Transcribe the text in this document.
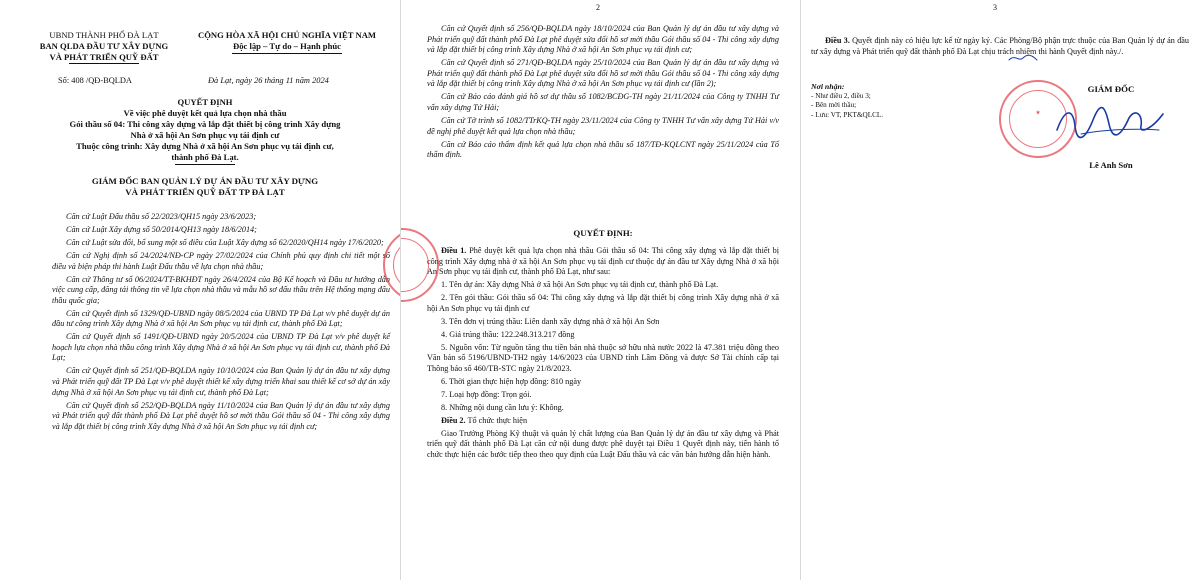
UBND THÀNH PHỐ ĐÀ LẠT
BAN QLDA ĐẦU TƯ XÂY DỰNG
VÀ PHÁT TRIỂN QUỸ ĐẤT
Số: 408 /QĐ-BQLDA
CỘNG HÒA XÃ HỘI CHỦ NGHĨA VIỆT NAM
Độc lập – Tự do – Hạnh phúc
Đà Lạt, ngày 26 tháng 11 năm 2024
QUYẾT ĐỊNH
Về việc phê duyệt kết quả lựa chọn nhà thầu
Gói thầu số 04: Thi công xây dựng và lắp đặt thiết bị công trình Xây dựng
Nhà ở xã hội An Sơn phục vụ tái định cư
Thuộc công trình: Xây dựng Nhà ở xã hội An Sơn phục vụ tái định cư,
thành phố Đà Lạt.
GIÁM ĐỐC BAN QUẢN LÝ DỰ ÁN ĐẦU TƯ XÂY DỰNG
VÀ PHÁT TRIỂN QUỸ ĐẤT TP ĐÀ LẠT

Căn cứ Luật Đấu thầu số 22/2023/QH15 ngày 23/6/2023;

Căn cứ Luật Xây dựng số 50/2014/QH13 ngày 18/6/2014;

Căn cứ Luật sửa đổi, bổ sung một số điều của Luật Xây dựng số 62/2020/QH14 ngày 17/6/2020;

Căn cứ Nghị định số 24/2024/NĐ-CP ngày 27/02/2024 của Chính phủ quy định chi tiết một số điều và biện pháp thi hành Luật Đấu thầu về lựa chọn nhà thầu;

Căn cứ Thông tư số 06/2024/TT-BKHĐT ngày 26/4/2024 của Bộ Kế hoạch và Đầu tư hướng dẫn việc cung cấp, đăng tải thông tin về lựa chọn nhà thầu và mẫu hồ sơ đấu thầu trên Hệ thống mạng đấu thầu quốc gia;

Căn cứ Quyết định số 1329/QĐ-UBND ngày 08/5/2024 của UBND TP Đà Lạt v/v phê duyệt dự án đầu tư công trình Xây dựng Nhà ở xã hội An Sơn phục vụ tái định cư, thành phố Đà Lạt;

Căn cứ Quyết định số 1491/QĐ-UBND ngày 20/5/2024 của UBND TP Đà Lạt v/v phê duyệt kế hoạch lựa chọn nhà thầu công trình Xây dựng Nhà ở xã hội An Sơn phục vụ tái định cư, thành phố Đà Lạt;

Căn cứ Quyết định số 251/QĐ-BQLDA ngày 10/10/2024 của Ban Quản lý dự án đầu tư xây dựng và Phát triển quỹ đất TP Đà Lạt v/v phê duyệt thiết kế xây dựng triển khai sau thiết kế cơ sở dự án xây dựng Nhà ở xã hội An Sơn phục vụ tái định cư, thành phố Đà Lạt;

Căn cứ Quyết định số 252/QĐ-BQLDA ngày 11/10/2024 của Ban Quản lý dự án đầu tư xây dựng và Phát triển quỹ đất thành phố Đà Lạt phê duyệt hồ sơ mời thầu Gói thầu số 04 - Thi công xây dựng và lắp đặt thiết bị công trình Xây dựng Nhà ở xã hội An Sơn phục vụ tái định cư;

2

Căn cứ Quyết định số 256/QĐ-BQLDA ngày 18/10/2024 của Ban Quản lý dự án đầu tư xây dựng và Phát triển quỹ đất thành phố Đà Lạt phê duyệt sửa đổi hồ sơ mời thầu Gói thầu số 04 - Thi công xây dựng và lắp đặt thiết bị công trình Xây dựng Nhà ở xã hội An Sơn phục vụ tái định cư;

Căn cứ Quyết định số 271/QĐ-BQLDA ngày 25/10/2024 của Ban Quản lý dự án đầu tư xây dựng và Phát triển quỹ đất thành phố Đà Lạt phê duyệt sửa đổi hồ sơ mời thầu Gói thầu số 04 - Thi công xây dựng và lắp đặt thiết bị công trình Xây dựng Nhà ở xã hội An Sơn phục vụ tái định cư (lần 2);

Căn cứ Báo cáo đánh giá hồ sơ dự thầu số 1082/BCĐG-TH ngày 21/11/2024 của Công ty TNHH Tư vấn xây dựng Tứ Hải;

Căn cứ Tờ trình số 1082/TTrKQ-TH ngày 23/11/2024 của Công ty TNHH Tư vấn xây dựng Tứ Hải v/v đề nghị phê duyệt kết quả lựa chọn nhà thầu;

Căn cứ Báo cáo thẩm định kết quả lựa chọn nhà thầu số 187/TĐ-KQLCNT ngày 25/11/2024 của Tổ thẩm định.

QUYẾT ĐỊNH:

Điều 1. Phê duyệt kết quả lựa chọn nhà thầu Gói thầu số 04: Thi công xây dựng và lắp đặt thiết bị công trình Xây dựng nhà ở xã hội An Sơn phục vụ tái định cư thuộc dự án đầu tư Xây dựng Nhà ở xã hội An Sơn phục vụ tái định cư, thành phố Đà Lạt, như sau:

1. Tên dự án: Xây dựng Nhà ở xã hội An Sơn phục vụ tái định cư, thành phố Đà Lạt.

2. Tên gói thầu: Gói thầu số 04: Thi công xây dựng và lắp đặt thiết bị công trình Xây dựng nhà ở xã hội An Sơn phục vụ tái định cư

3. Tên đơn vị trúng thầu: Liên danh xây dựng nhà ở xã hội An Sơn

4. Giá trúng thầu: 122.248.313.217 đồng

5. Nguồn vốn: Từ nguồn tăng thu tiền bán nhà thuộc sở hữu nhà nước 2022 là 47.381 triệu đồng theo Văn bản số 5196/UBND-TH2 ngày 14/6/2023 của UBND tỉnh Lâm Đồng và được Sở Tài chính cấp tại Thông báo số 460/TB-STC ngày 21/8/2023.

6. Thời gian thực hiện hợp đồng: 810 ngày

7. Loại hợp đồng: Trọn gói.

8. Những nội dung cần lưu ý: Không.

Điều 2. Tổ chức thực hiện

Giao Trưởng Phòng Kỹ thuật và quản lý chất lượng của Ban Quản lý dự án đầu tư xây dựng và Phát triển quỹ đất thành phố Đà Lạt căn cứ nội dung được phê duyệt tại Điều 1 Quyết định này, tiến hành tổ chức thực hiện các bước tiếp theo theo quy định của Luật Đấu thầu và các văn bản hướng dẫn hiện hành.

3

Điều 3. Quyết định này có hiệu lực kể từ ngày ký. Các Phòng/Bộ phận trực thuộc của Ban Quản lý dự án đầu tư xây dựng và Phát triển quỹ đất thành phố Đà Lạt chịu trách nhiệm thi hành Quyết định này./.

Nơi nhận:
- Như điều 2, điều 3;
- Bên mời thầu;
- Lưu: VT, PKT&QLCL.
GIÁM ĐỐC
★
Lê Anh Sơn
